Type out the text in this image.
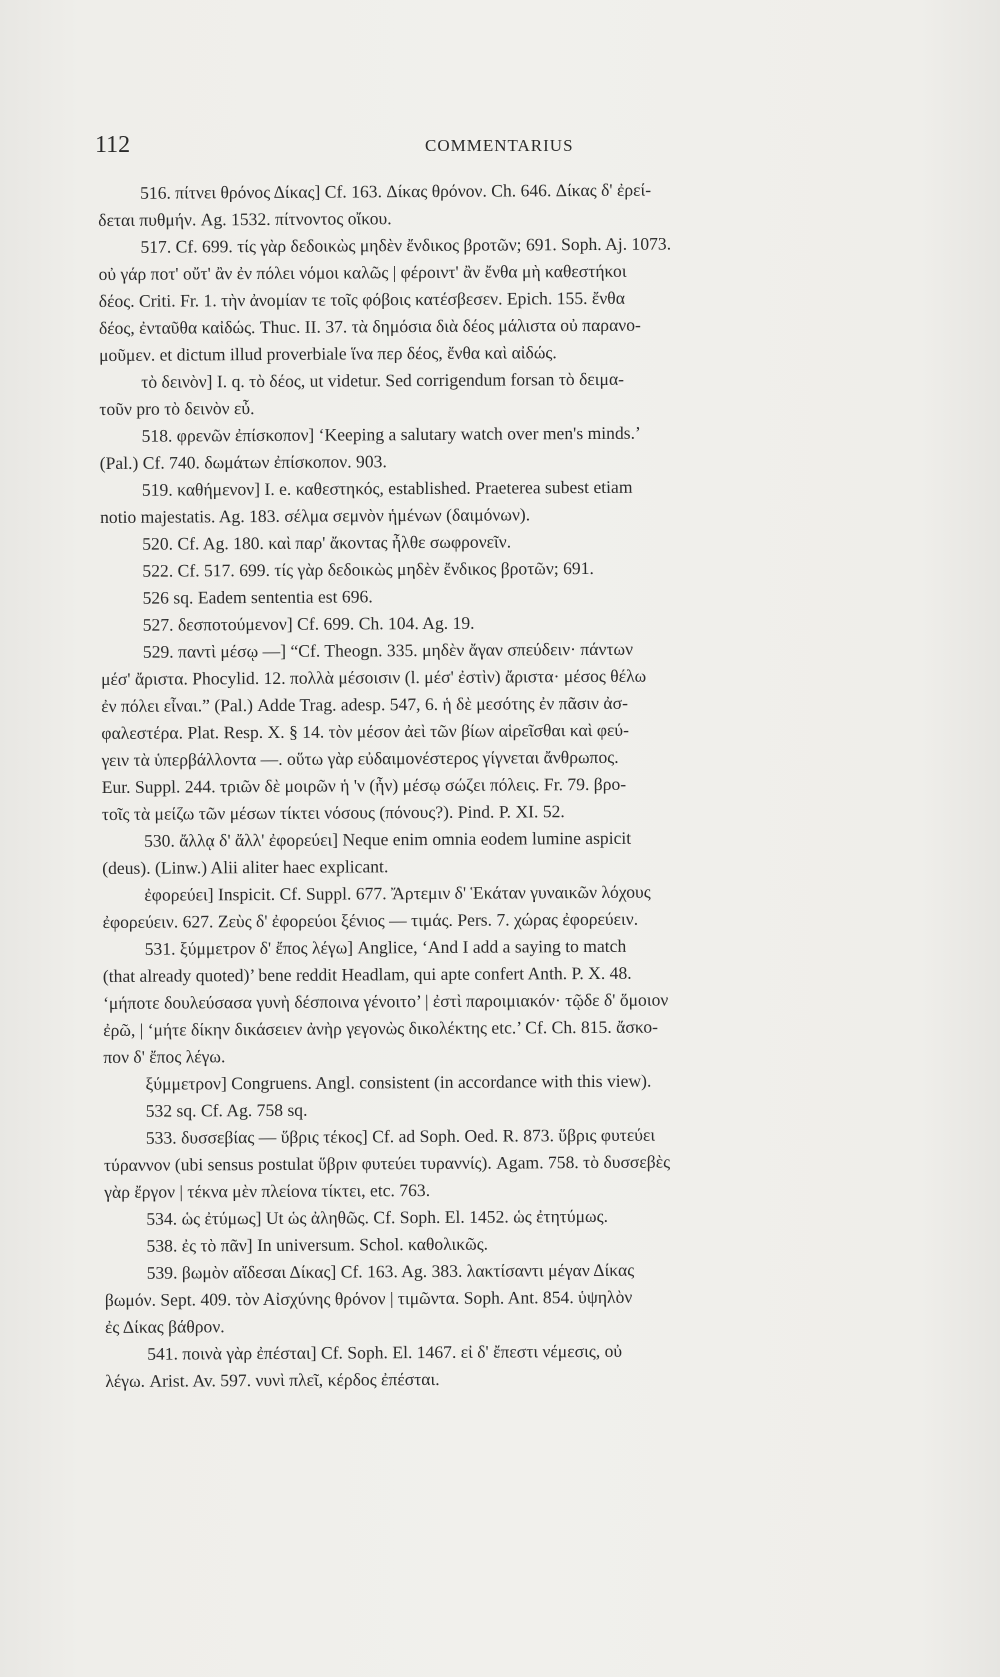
112	COMMENTARIUS
516. πίτνει θρόνος Δίκας] Cf. 163. Δίκας θρόνον. Ch. 646. Δίκας δ' ἐρεί-
δεται πυθμήν. Ag. 1532. πίτνοντος οἴκου.
517. Cf. 699. τίς γὰρ δεδοικὼς μηδὲν ἔνδικος βροτῶν; 691. Soph. Aj. 1073.
οὐ γάρ ποτ' οὔτ' ἂν ἐν πόλει νόμοι καλῶς | φέροιντ' ἂν ἔνθα μὴ καθεστήκοι
δέος. Criti. Fr. 1. τὴν ἀνομίαν τε τοῖς φόβοις κατέσβεσεν. Epich. 155. ἔνθα
δέος, ἐνταῦθα καἰδώς. Thuc. II. 37. τὰ δημόσια διὰ δέος μάλιστα οὐ παρανο-
μοῦμεν. et dictum illud proverbiale ἵνα περ δέος, ἔνθα καὶ αἰδώς.
τὸ δεινὸν] I. q. τὸ δέος, ut videtur. Sed corrigendum forsan τὸ δειμα-
τοῦν pro τὸ δεινὸν εὖ.
518. φρενῶν ἐπίσκοπον] ‘Keeping a salutary watch over men's minds.’
(Pal.) Cf. 740. δωμάτων ἐπίσκοπον. 903.
519. καθήμενον] I. e. καθεστηκός, established. Praeterea subest etiam
notio majestatis. Ag. 183. σέλμα σεμνὸν ἡμένων (δαιμόνων).
520. Cf. Ag. 180. καὶ παρ' ἄκοντας ἦλθε σωφρονεῖν.
522. Cf. 517. 699. τίς γὰρ δεδοικὼς μηδὲν ἔνδικος βροτῶν; 691.
526 sq. Eadem sententia est 696.
527. δεσποτούμενον] Cf. 699. Ch. 104. Ag. 19.
529. παντὶ μέσῳ —] “Cf. Theogn. 335. μηδὲν ἄγαν σπεύδειν· πάντων
μέσ' ἄριστα. Phocylid. 12. πολλὰ μέσοισιν (l. μέσ' ἐστὶν) ἄριστα· μέσος θέλω
ἐν πόλει εἶναι.” (Pal.) Adde Trag. adesp. 547, 6. ἡ δὲ μεσότης ἐν πᾶσιν ἀσ-
φαλεστέρα. Plat. Resp. X. § 14. τὸν μέσον ἀεὶ τῶν βίων αἱρεῖσθαι καὶ φεύ-
γειν τὰ ὑπερβάλλοντα —. οὕτω γὰρ εὐδαιμονέστερος γίγνεται ἄνθρωπος.
Eur. Suppl. 244. τριῶν δὲ μοιρῶν ἡ 'ν (ἦν) μέσῳ σώζει πόλεις. Fr. 79. βρο-
τοῖς τὰ μείζω τῶν μέσων τίκτει νόσους (πόνους?). Pind. P. XI. 52.
530. ἄλλᾳ δ' ἄλλ' ἐφορεύει] Neque enim omnia eodem lumine aspicit
(deus). (Linw.) Alii aliter haec explicant.
ἐφορεύει] Inspicit. Cf. Suppl. 677. Ἄρτεμιν δ' Ἑκάταν γυναικῶν λόχους
ἐφορεύειν. 627. Ζεὺς δ' ἐφορεύοι ξένιος — τιμάς. Pers. 7. χώρας ἐφορεύειν.
531. ξύμμετρον δ' ἔπος λέγω] Anglice, ‘And I add a saying to match
(that already quoted)’ bene reddit Headlam, qui apte confert Anth. P. X. 48.
‘μήποτε δουλεύσασα γυνὴ δέσποινα γένοιτο’ | ἐστὶ παροιμιακόν· τῷδε δ' ὅμοιον
ἐρῶ, | ‘μήτε δίκην δικάσειεν ἀνὴρ γεγονὼς δικολέκτης etc.’ Cf. Ch. 815. ἄσκο-
πον δ' ἔπος λέγω.
ξύμμετρον] Congruens. Angl. consistent (in accordance with this view).
532 sq. Cf. Ag. 758 sq.
533. δυσσεβίας — ὕβρις τέκος] Cf. ad Soph. Oed. R. 873. ὕβρις φυτεύει
τύραννον (ubi sensus postulat ὕβριν φυτεύει τυραννίς). Agam. 758. τὸ δυσσεβὲς
γὰρ ἔργον | τέκνα μὲν πλείονα τίκτει, etc. 763.
534. ὡς ἐτύμως] Ut ὡς ἀληθῶς. Cf. Soph. El. 1452. ὡς ἐτητύμως.
538. ἐς τὸ πᾶν] In universum. Schol. καθολικῶς.
539. βωμὸν αἴδεσαι Δίκας] Cf. 163. Ag. 383. λακτίσαντι μέγαν Δίκας
βωμόν. Sept. 409. τὸν Αἰσχύνης θρόνον | τιμῶντα. Soph. Ant. 854. ὑψηλὸν
ἐς Δίκας βάθρον.
541. ποινὰ γὰρ ἐπέσται] Cf. Soph. El. 1467. εἰ δ' ἔπεστι νέμεσις, οὐ
λέγω. Arist. Av. 597. νυνὶ πλεῖ, κέρδος ἐπέσται.
